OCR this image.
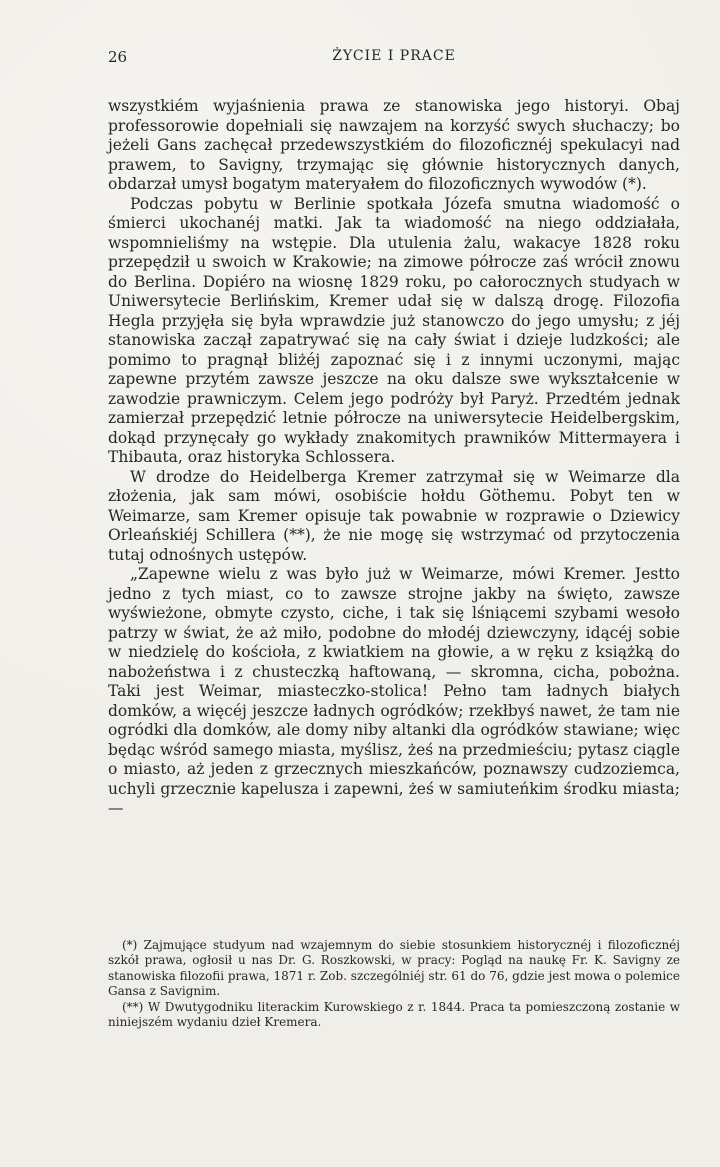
26	ŻYCIE I PRACE

wszystkiém wyjaśnienia prawa ze stanowiska jego historyi. Obaj professorowie dopełniali się nawzajem na korzyść swych słuchaczy; bo jeżeli Gans zachęcał przedewszystkiém do filozoficznéj spekulacyi nad prawem, to Savigny, trzymając się głównie historycznych danych, obdarzał umysł bogatym materyałem do filozoficznych wywodów (*).

Podczas pobytu w Berlinie spotkała Józefa smutna wiadomość o śmierci ukochanéj matki. Jak ta wiadomość na niego oddziałała, wspomnieliśmy na wstępie. Dla utulenia żalu, wakacye 1828 roku przepędził u swoich w Krakowie; na zimowe półrocze zaś wrócił znowu do Berlina. Dopiéro na wiosnę 1829 roku, po całorocznych studyach w Uniwersytecie Berlińskim, Kremer udał się w dalszą drogę. Filozofia Hegla przyjęła się była wprawdzie już stanowczo do jego umysłu; z jéj stanowiska zaczął zapatrywać się na cały świat i dzieje ludzkości; ale pomimo to pragnął bliżéj zapoznać się i z innymi uczonymi, mając zapewne przytém zawsze jeszcze na oku dalsze swe wykształcenie w zawodzie prawniczym. Celem jego podróży był Paryż. Przedtém jednak zamierzał przepędzić letnie półrocze na uniwersytecie Heidelbergskim, dokąd przynęcały go wykłady znakomitych prawników Mittermayera i Thibauta, oraz historyka Schlossera.

W drodze do Heidelberga Kremer zatrzymał się w Weimarze dla złożenia, jak sam mówi, osobiście hołdu Göthemu. Pobyt ten w Weimarze, sam Kremer opisuje tak powabnie w rozprawie o Dziewicy Orleańskiéj Schillera (**), że nie mogę się wstrzymać od przytoczenia tutaj odnośnych ustępów.

„Zapewne wielu z was było już w Weimarze, mówi Kremer. Jestto jedno z tych miast, co to zawsze strojne jakby na święto, zawsze wyświeżone, obmyte czysto, ciche, i tak się lśniącemi szybami wesoło patrzy w świat, że aż miło, podobne do młodéj dziewczyny, idącéj sobie w niedzielę do kościoła, z kwiatkiem na głowie, a w ręku z książką do nabożeństwa i z chusteczką haftowaną, — skromna, cicha, pobożna. Taki jest Weimar, miasteczko-stolica! Pełno tam ładnych białych domków, a więcéj jeszcze ładnych ogródków; rzekłbyś nawet, że tam nie ogródki dla domków, ale domy niby altanki dla ogródków stawiane; więc będąc wśród samego miasta, myślisz, żeś na przedmieściu; pytasz ciągle o miasto, aż jeden z grzecznych mieszkańców, poznawszy cudzoziemca, uchyli grzecznie kapelusza i zapewni, żeś w samiuteńkim środku miasta; —

(*) Zajmujące studyum nad wzajemnym do siebie stosunkiem historycznéj i filozoficznéj szkół prawa, ogłosił u nas Dr. G. Roszkowski, w pracy: Pogląd na naukę Fr. K. Savigny ze stanowiska filozofii prawa, 1871 r. Zob. szczególniéj str. 61 do 76, gdzie jest mowa o polemice Gansa z Savignim.

(**) W Dwutygodniku literackim Kurowskiego z r. 1844. Praca ta pomieszczoną zostanie w niniejszém wydaniu dzieł Kremera.
